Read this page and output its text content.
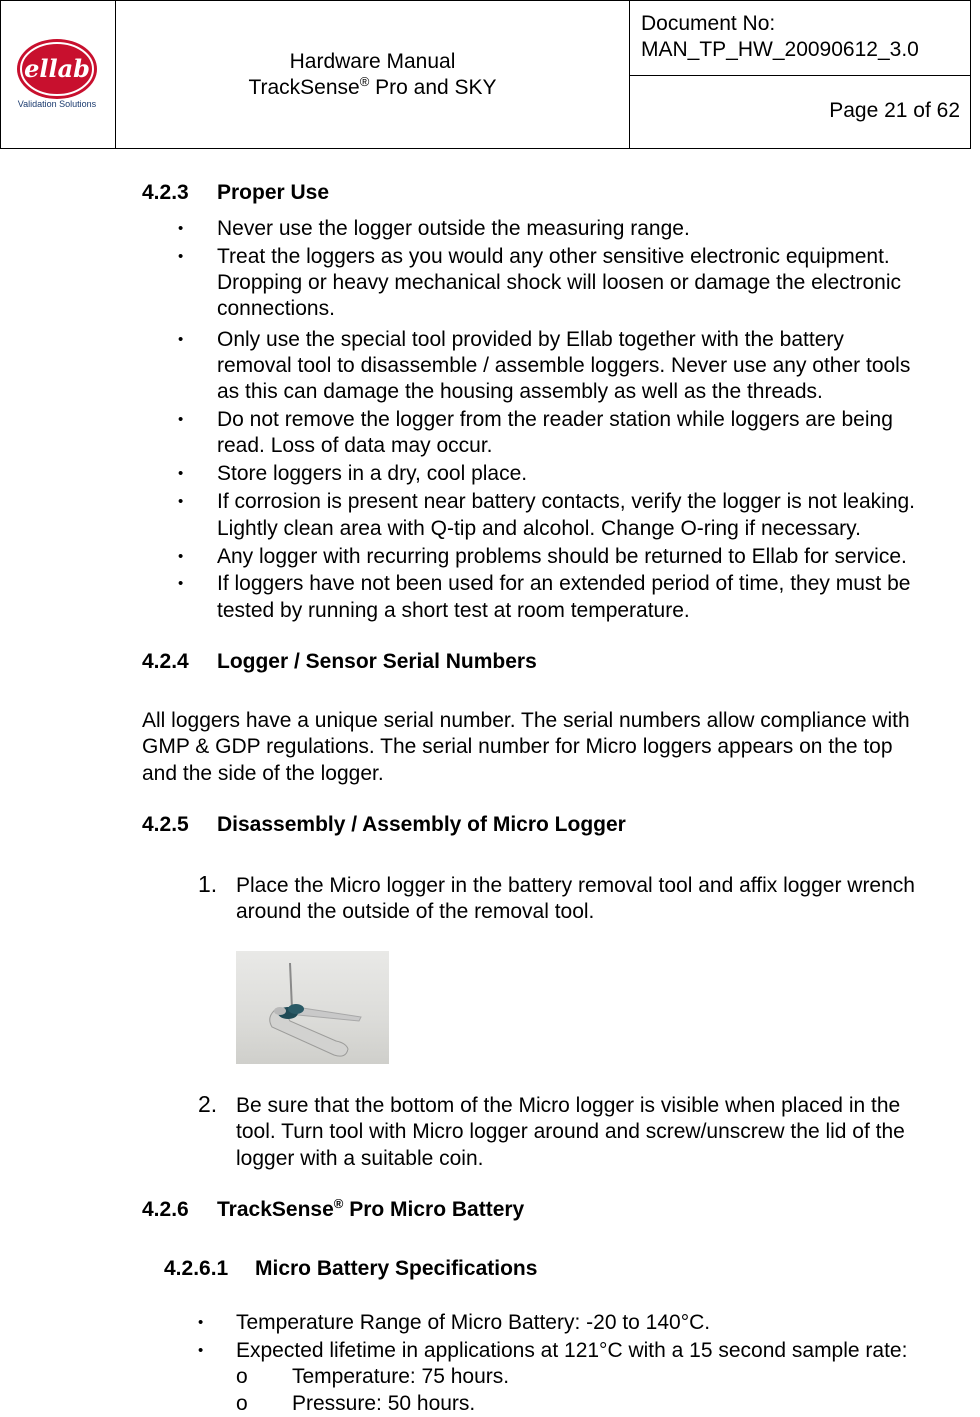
ellab
Validation Solutions
Hardware Manual
TrackSense® Pro and SKY
Document No:
MAN_TP_HW_20090612_3.0
Page 21 of 62
4.2.3 Proper Use
• Never use the logger outside the measuring range.
• Treat the loggers as you would any other sensitive electronic equipment.
Dropping or heavy mechanical shock will loosen or damage the electronic
connections.
• Only use the special tool provided by Ellab together with the battery
removal tool to disassemble / assemble loggers. Never use any other tools
as this can damage the housing assembly as well as the threads.
• Do not remove the logger from the reader station while loggers are being
read. Loss of data may occur.
• Store loggers in a dry, cool place.
• If corrosion is present near battery contacts, verify the logger is not leaking.
Lightly clean area with Q-tip and alcohol. Change O-ring if necessary.
• Any logger with recurring problems should be returned to Ellab for service.
• If loggers have not been used for an extended period of time, they must be
tested by running a short test at room temperature.
4.2.4 Logger / Sensor Serial Numbers
All loggers have a unique serial number. The serial numbers allow compliance with
GMP & GDP regulations. The serial number for Micro loggers appears on the top
and the side of the logger.
4.2.5 Disassembly / Assembly of Micro Logger
1. Place the Micro logger in the battery removal tool and affix logger wrench
around the outside of the removal tool.
2. Be sure that the bottom of the Micro logger is visible when placed in the
tool. Turn tool with Micro logger around and screw/unscrew the lid of the
logger with a suitable coin.
4.2.6 TrackSense® Pro Micro Battery
4.2.6.1 Micro Battery Specifications
• Temperature Range of Micro Battery: -20 to 140°C.
• Expected lifetime in applications at 121°C with a 15 second sample rate:
o Temperature: 75 hours.
o Pressure: 50 hours.
